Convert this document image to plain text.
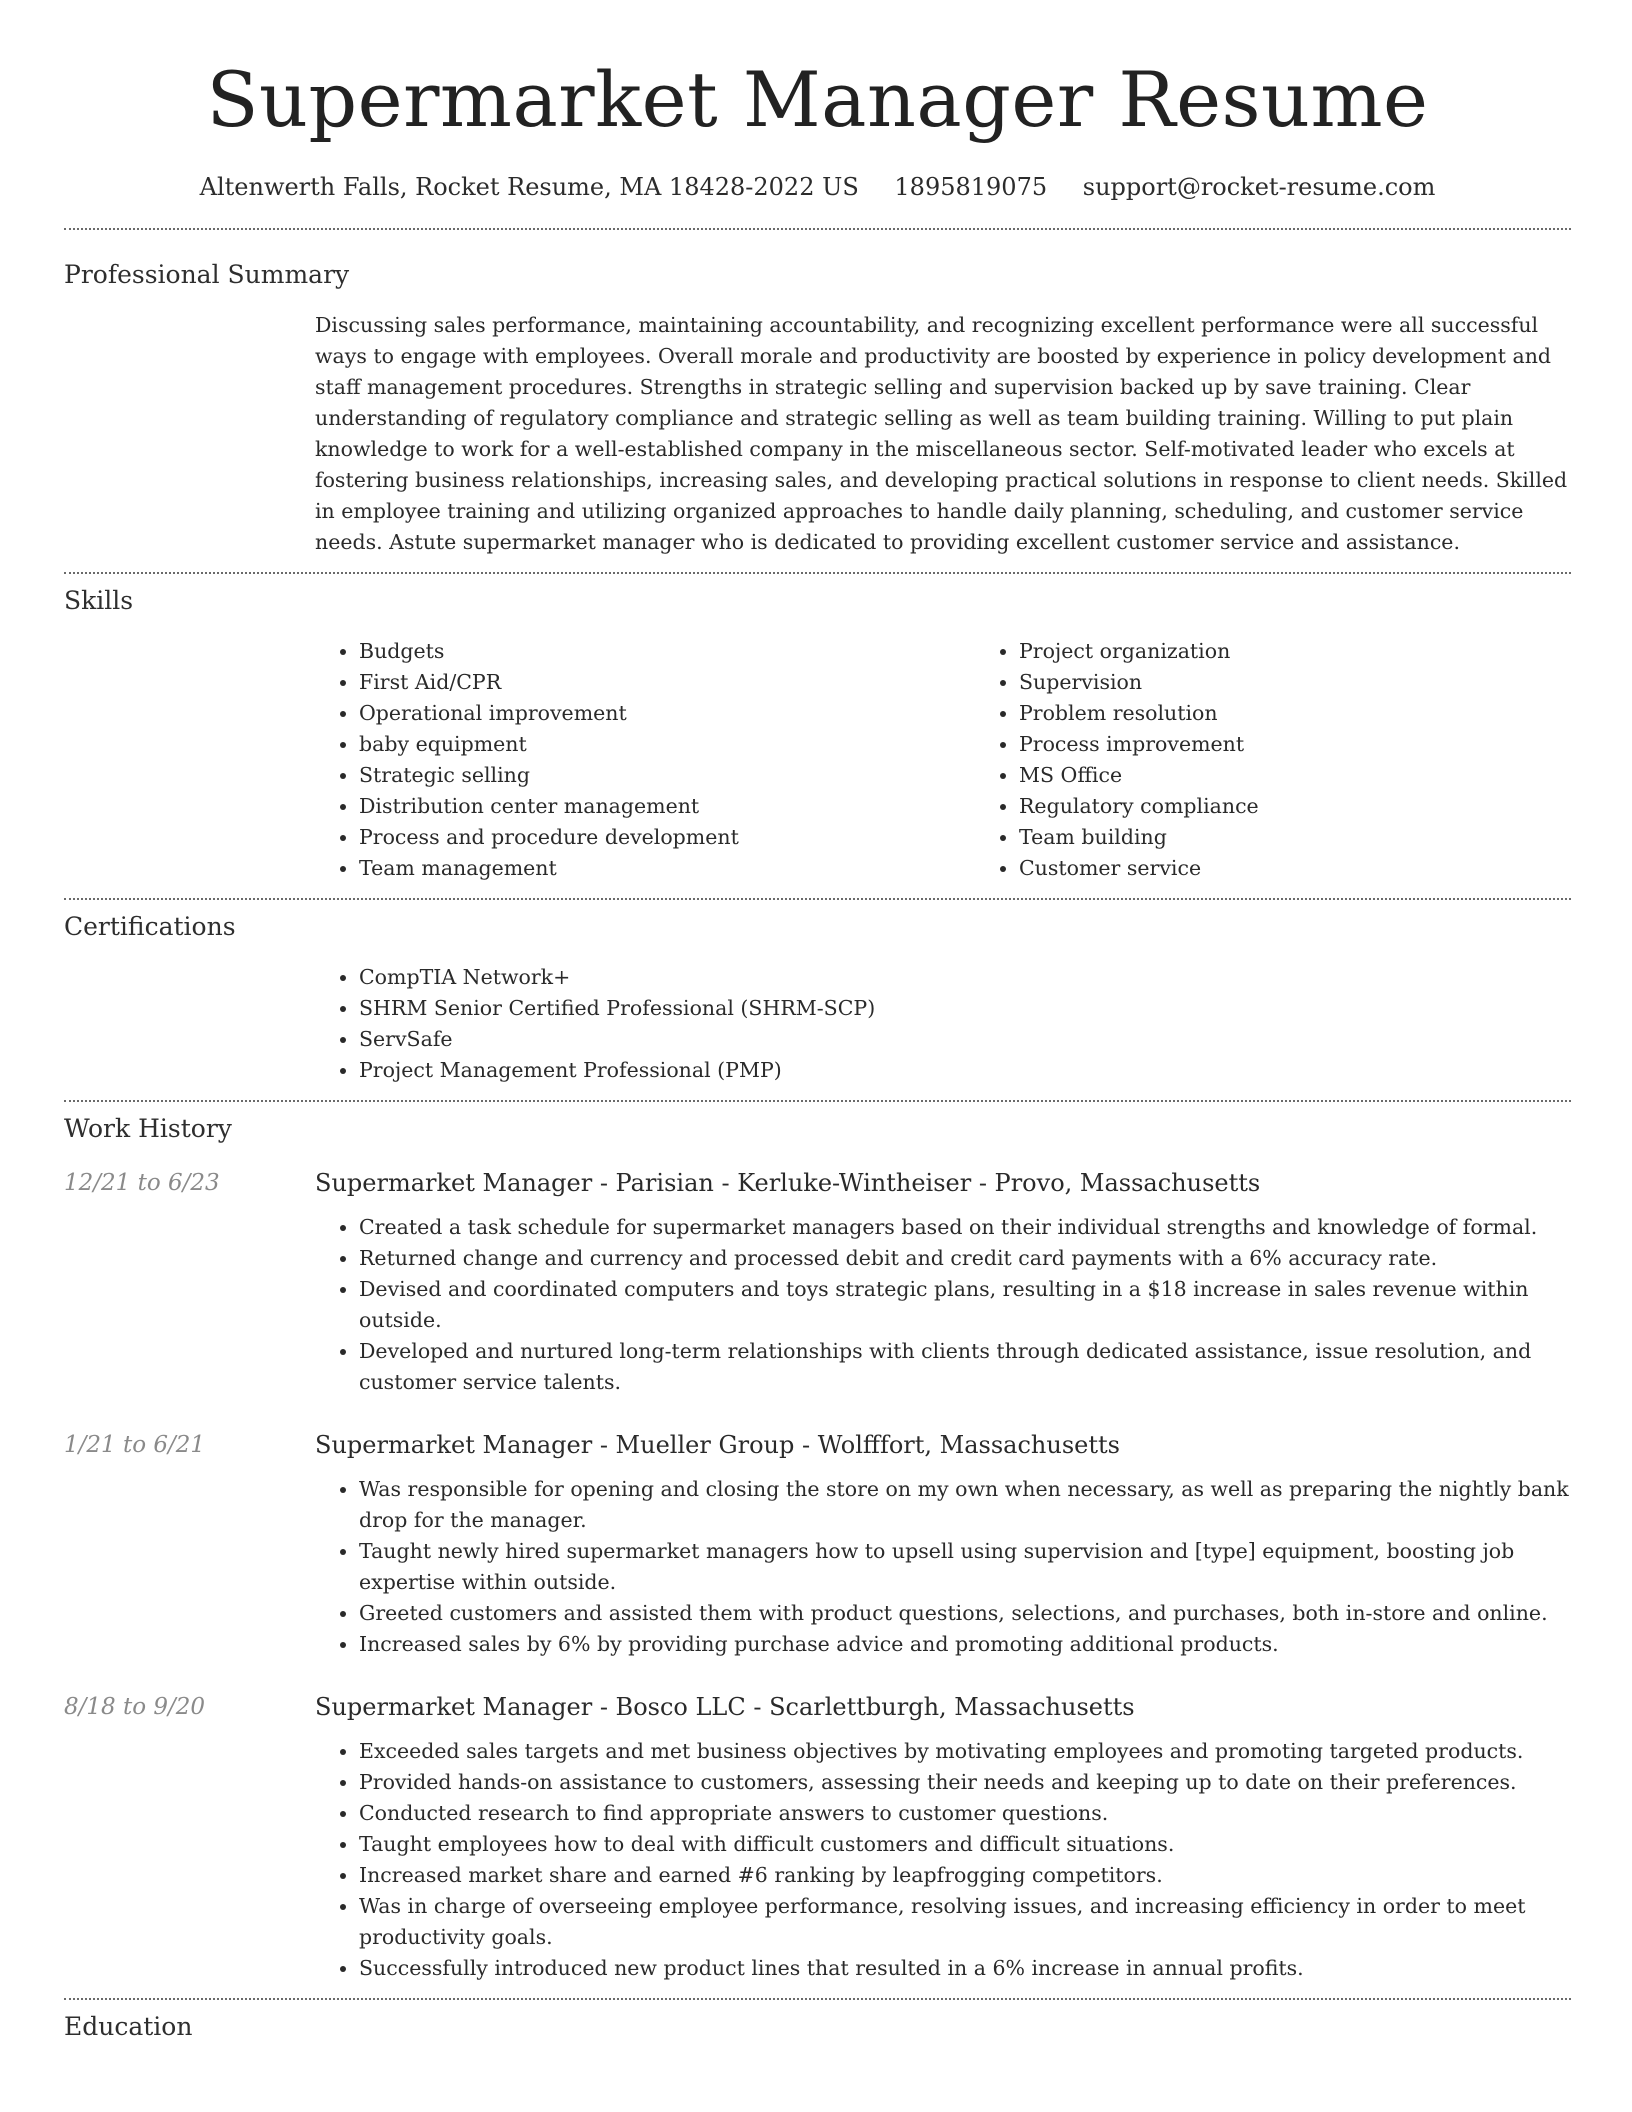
Supermarket Manager Resume
Altenwerth Falls, Rocket Resume, MA 18428-2022 US 1895819075 support@rocket-resume.com
Professional Summary
Discussing sales performance, maintaining accountability, and recognizing excellent performance were all successful ways to engage with employees. Overall morale and productivity are boosted by experience in policy development and staff management procedures. Strengths in strategic selling and supervision backed up by save training. Clear understanding of regulatory compliance and strategic selling as well as team building training. Willing to put plain knowledge to work for a well-established company in the miscellaneous sector. Self-motivated leader who excels at fostering business relationships, increasing sales, and developing practical solutions in response to client needs. Skilled in employee training and utilizing organized approaches to handle daily planning, scheduling, and customer service needs. Astute supermarket manager who is dedicated to providing excellent customer service and assistance.
Skills
• Budgets
• First Aid/CPR
• Operational improvement
• baby equipment
• Strategic selling
• Distribution center management
• Process and procedure development
• Team management
• Project organization
• Supervision
• Problem resolution
• Process improvement
• MS Office
• Regulatory compliance
• Team building
• Customer service
Certifications
• CompTIA Network+
• SHRM Senior Certified Professional (SHRM-SCP)
• ServSafe
• Project Management Professional (PMP)
Work History
12/21 to 6/23	Supermarket Manager - Parisian - Kerluke-Wintheiser - Provo, Massachusetts
• Created a task schedule for supermarket managers based on their individual strengths and knowledge of formal.
• Returned change and currency and processed debit and credit card payments with a 6% accuracy rate.
• Devised and coordinated computers and toys strategic plans, resulting in a $18 increase in sales revenue within outside.
• Developed and nurtured long-term relationships with clients through dedicated assistance, issue resolution, and customer service talents.
1/21 to 6/21	Supermarket Manager - Mueller Group - Wolfffort, Massachusetts
• Was responsible for opening and closing the store on my own when necessary, as well as preparing the nightly bank drop for the manager.
• Taught newly hired supermarket managers how to upsell using supervision and [type] equipment, boosting job expertise within outside.
• Greeted customers and assisted them with product questions, selections, and purchases, both in-store and online.
• Increased sales by 6% by providing purchase advice and promoting additional products.
8/18 to 9/20	Supermarket Manager - Bosco LLC - Scarlettburgh, Massachusetts
• Exceeded sales targets and met business objectives by motivating employees and promoting targeted products.
• Provided hands-on assistance to customers, assessing their needs and keeping up to date on their preferences.
• Conducted research to find appropriate answers to customer questions.
• Taught employees how to deal with difficult customers and difficult situations.
• Increased market share and earned #6 ranking by leapfrogging competitors.
• Was in charge of overseeing employee performance, resolving issues, and increasing efficiency in order to meet productivity goals.
• Successfully introduced new product lines that resulted in a 6% increase in annual profits.
Education
